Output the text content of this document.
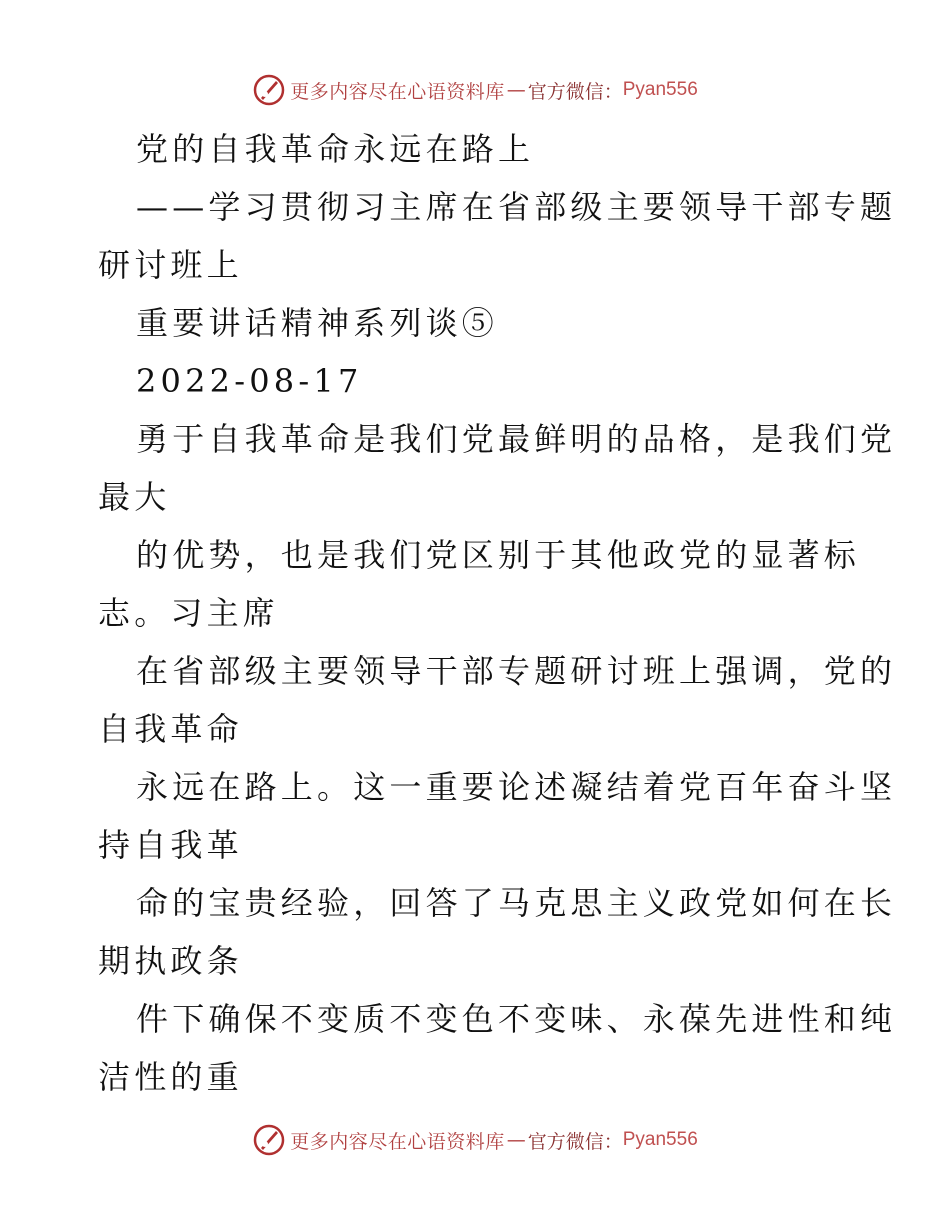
更多内容尽在心语资料库 — 官方微信： Pyan556
党的自我革命永远在路上
——学习贯彻习主席在省部级主要领导干部专题
研讨班上
重要讲话精神系列谈⑤
2022-08-17
勇于自我革命是我们党最鲜明的品格，是我们党
最大
的优势，也是我们党区别于其他政党的显著标
志。习主席
在省部级主要领导干部专题研讨班上强调，党的
自我革命
永远在路上。这一重要论述凝结着党百年奋斗坚
持自我革
命的宝贵经验，回答了马克思主义政党如何在长
期执政条
件下确保不变质不变色不变味、永葆先进性和纯
洁性的重
更多内容尽在心语资料库 — 官方微信： Pyan556
